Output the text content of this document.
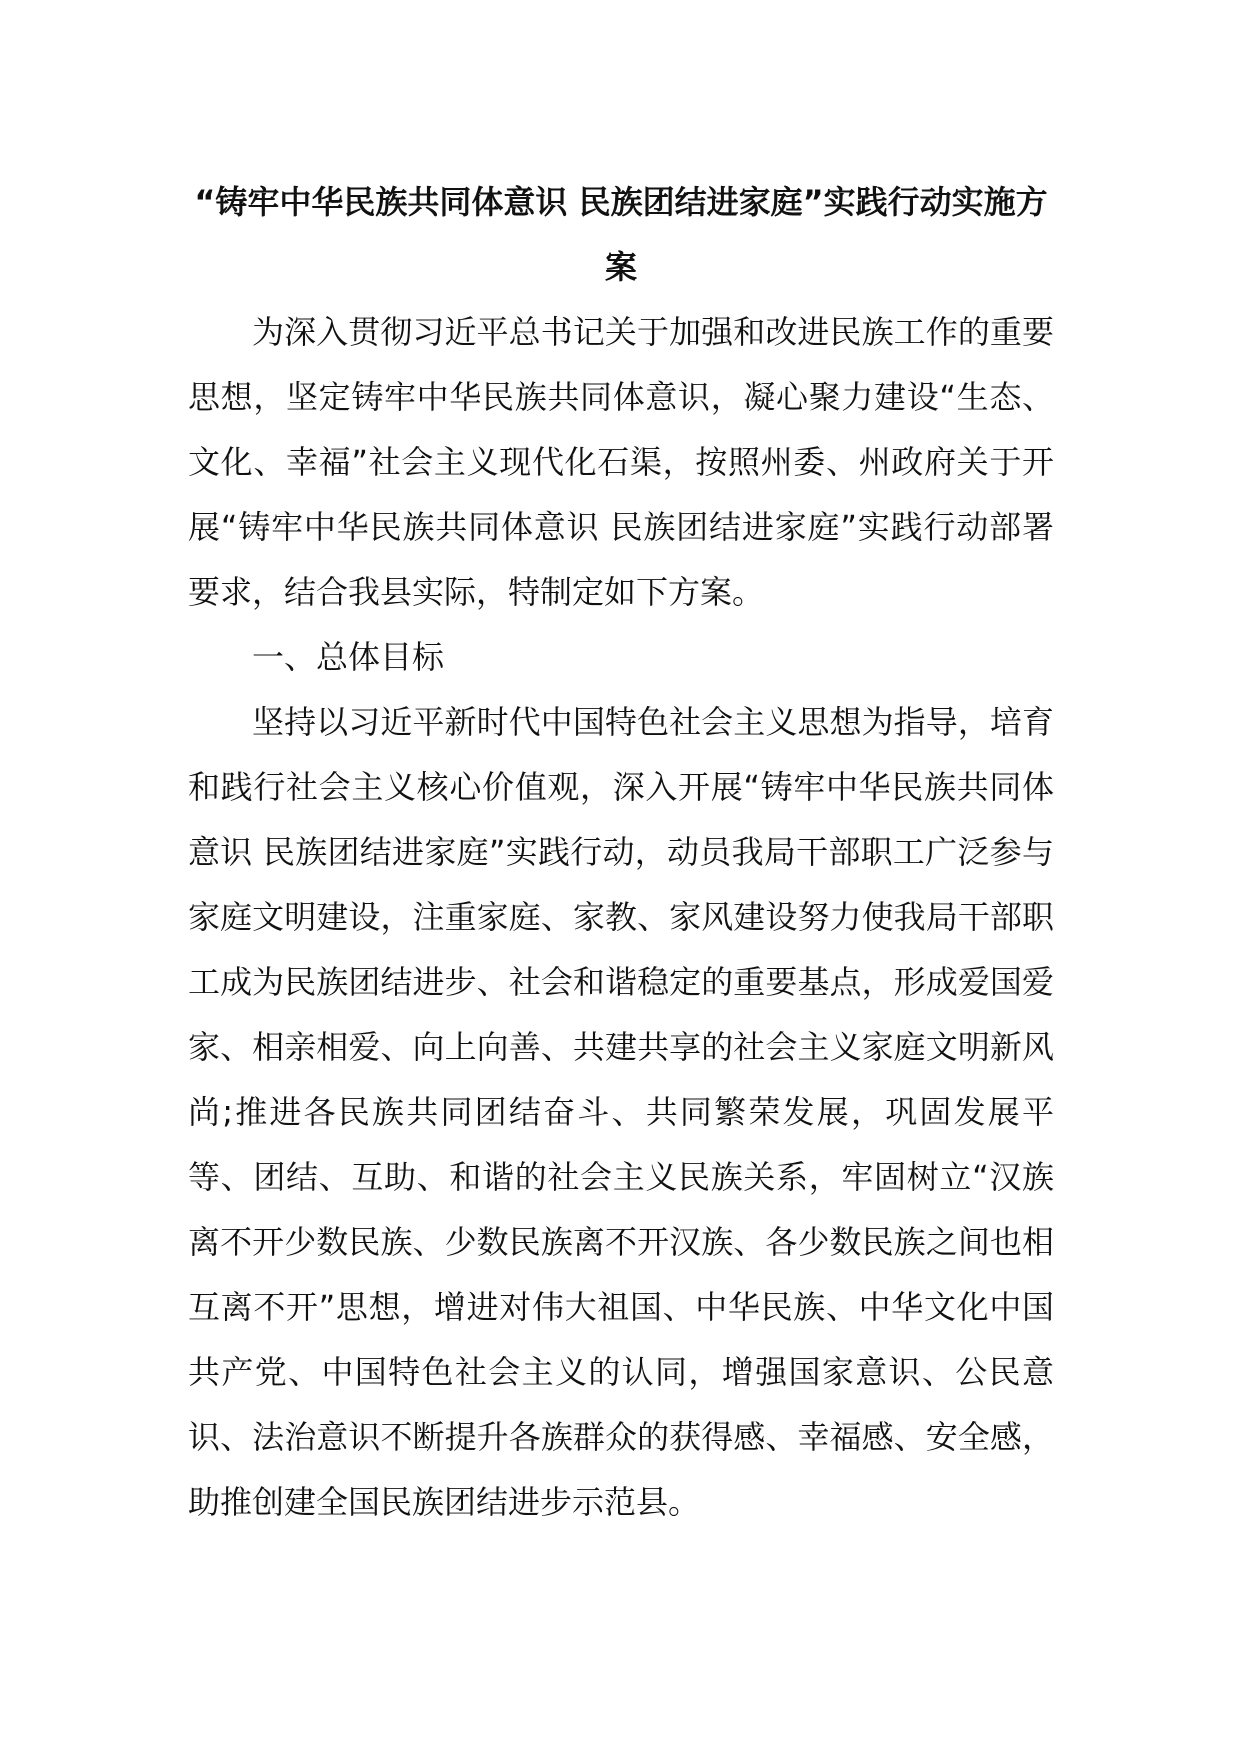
“铸牢中华民族共同体意识 民族团结进家庭”实践行动实施方案

为深入贯彻习近平总书记关于加强和改进民族工作的重要思想，坚定铸牢中华民族共同体意识，凝心聚力建设“生态、文化、幸福”社会主义现代化石渠，按照州委、州政府关于开展“铸牢中华民族共同体意识 民族团结进家庭”实践行动部署要求，结合我县实际，特制定如下方案。

一、总体目标

坚持以习近平新时代中国特色社会主义思想为指导，培育和践行社会主义核心价值观，深入开展“铸牢中华民族共同体意识 民族团结进家庭”实践行动，动员我局干部职工广泛参与家庭文明建设，注重家庭、家教、家风建设努力使我局干部职工成为民族团结进步、社会和谐稳定的重要基点，形成爱国爱家、相亲相爱、向上向善、共建共享的社会主义家庭文明新风尚;推进各民族共同团结奋斗、共同繁荣发展，巩固发展平等、团结、互助、和谐的社会主义民族关系，牢固树立“汉族离不开少数民族、少数民族离不开汉族、各少数民族之间也相互离不开”思想，增进对伟大祖国、中华民族、中华文化中国共产党、中国特色社会主义的认同，增强国家意识、公民意识、法治意识不断提升各族群众的获得感、幸福感、安全感，助推创建全国民族团结进步示范县。
